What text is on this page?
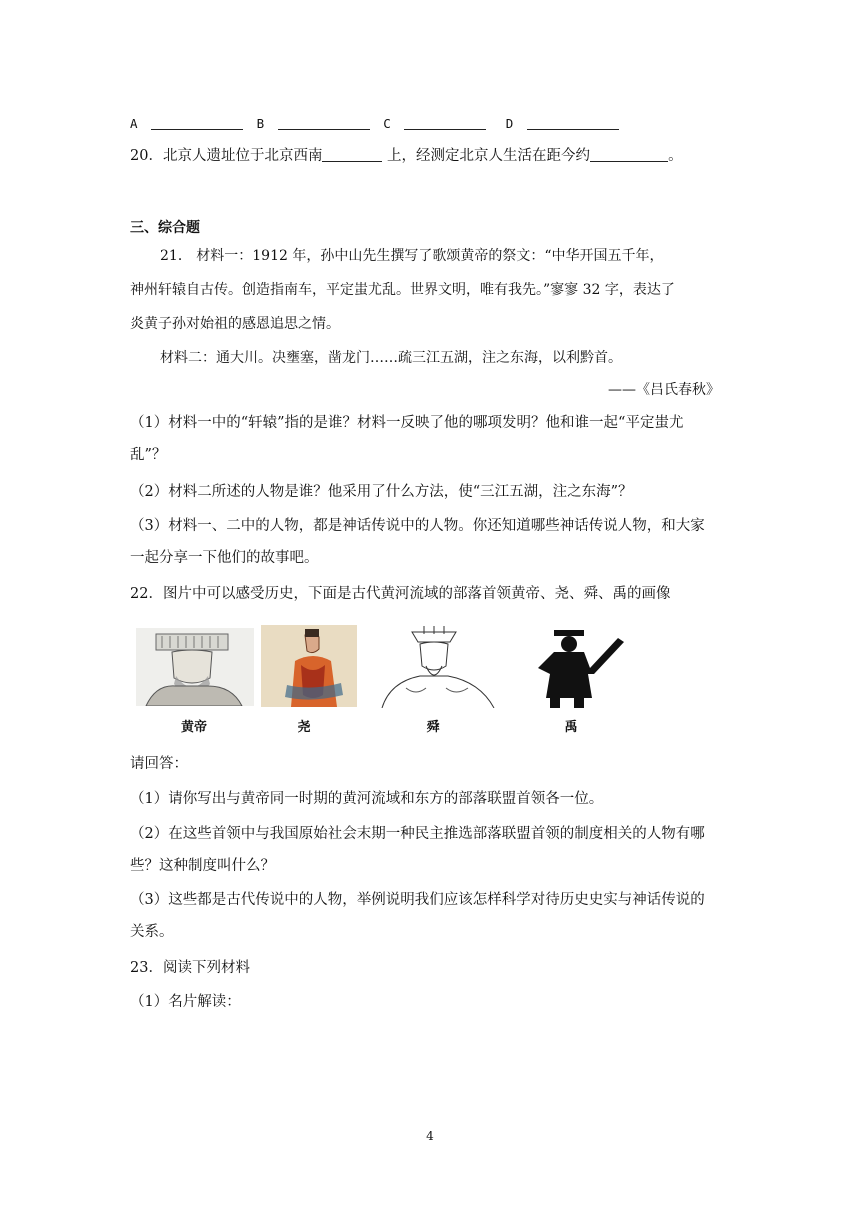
A	B	C	D
20．北京人遗址位于北京西南	上，经测定北京人生活在距今约	。
三、综合题
21． 材料一：1912 年，孙中山先生撰写了歌颂黄帝的祭文：“中华开国五千年，
神州轩辕自古传。创造指南车，平定蚩尤乱。世界文明，唯有我先。”寥寥 32 字，表达了
炎黄子孙对始祖的感恩追思之情。
材料二：通大川。决壅塞，凿龙门……疏三江五湖，注之东海，以利黔首。
——《吕氏春秋》
（1）材料一中的“轩辕”指的是谁？材料一反映了他的哪项发明？他和谁一起“平定蚩尤
乱”？
（2）材料二所述的人物是谁？他采用了什么方法，使“三江五湖，注之东海”？
（3）材料一、二中的人物，都是神话传说中的人物。你还知道哪些神话传说人物，和大家
一起分享一下他们的故事吧。
22．图片中可以感受历史，下面是古代黄河流域的部落首领黄帝、尧、舜、禹的画像
黄帝	尧	舜	禹
请回答：
（1）请你写出与黄帝同一时期的黄河流域和东方的部落联盟首领各一位。
（2）在这些首领中与我国原始社会末期一种民主推选部落联盟首领的制度相关的人物有哪
些？这种制度叫什么？
（3）这些都是古代传说中的人物，举例说明我们应该怎样科学对待历史史实与神话传说的
关系。
23．阅读下列材料
（1）名片解读：
4
